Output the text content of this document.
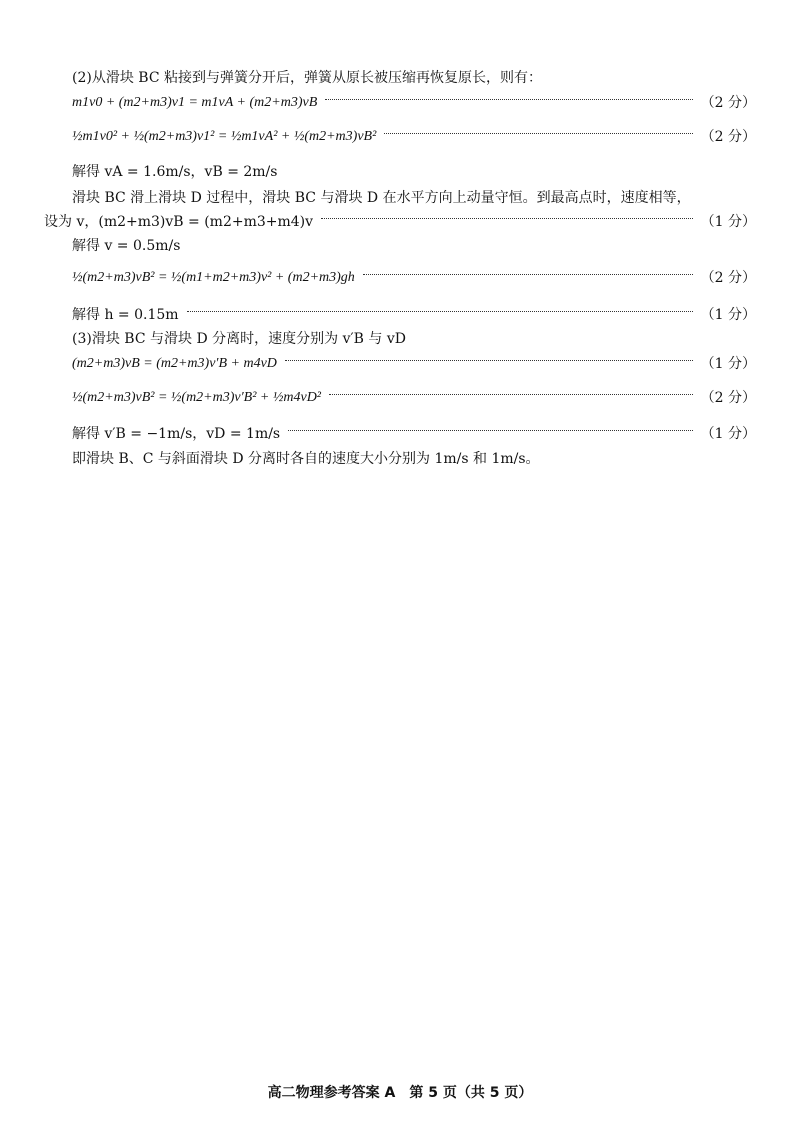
(2)从滑块 BC 粘接到与弹簧分开后，弹簧从原长被压缩再恢复原长，则有：
m1v0 + (m2+m3)v1 = m1vA + (m2+m3)vB	（2 分）
½m1v0² + ½(m2+m3)v1² = ½m1vA² + ½(m2+m3)vB²	（2 分）
解得 vA = 1.6m/s，vB = 2m/s
滑块 BC 滑上滑块 D 过程中，滑块 BC 与滑块 D 在水平方向上动量守恒。到最高点时，速度相等，
设为 v，(m2+m3)vB = (m2+m3+m4)v	（1 分）
解得 v = 0.5m/s
½(m2+m3)vB² = ½(m1+m2+m3)v² + (m2+m3)gh	（2 分）
解得 h = 0.15m	（1 分）
(3)滑块 BC 与滑块 D 分离时，速度分别为 v′B 与 vD
(m2+m3)vB = (m2+m3)v′B + m4vD	（1 分）
½(m2+m3)vB² = ½(m2+m3)v′B² + ½m4vD²	（2 分）
解得 v′B = −1m/s，vD = 1m/s	（1 分）
即滑块 B、C 与斜面滑块 D 分离时各自的速度大小分别为 1m/s 和 1m/s。
高二物理参考答案 A　第 5 页（共 5 页）
